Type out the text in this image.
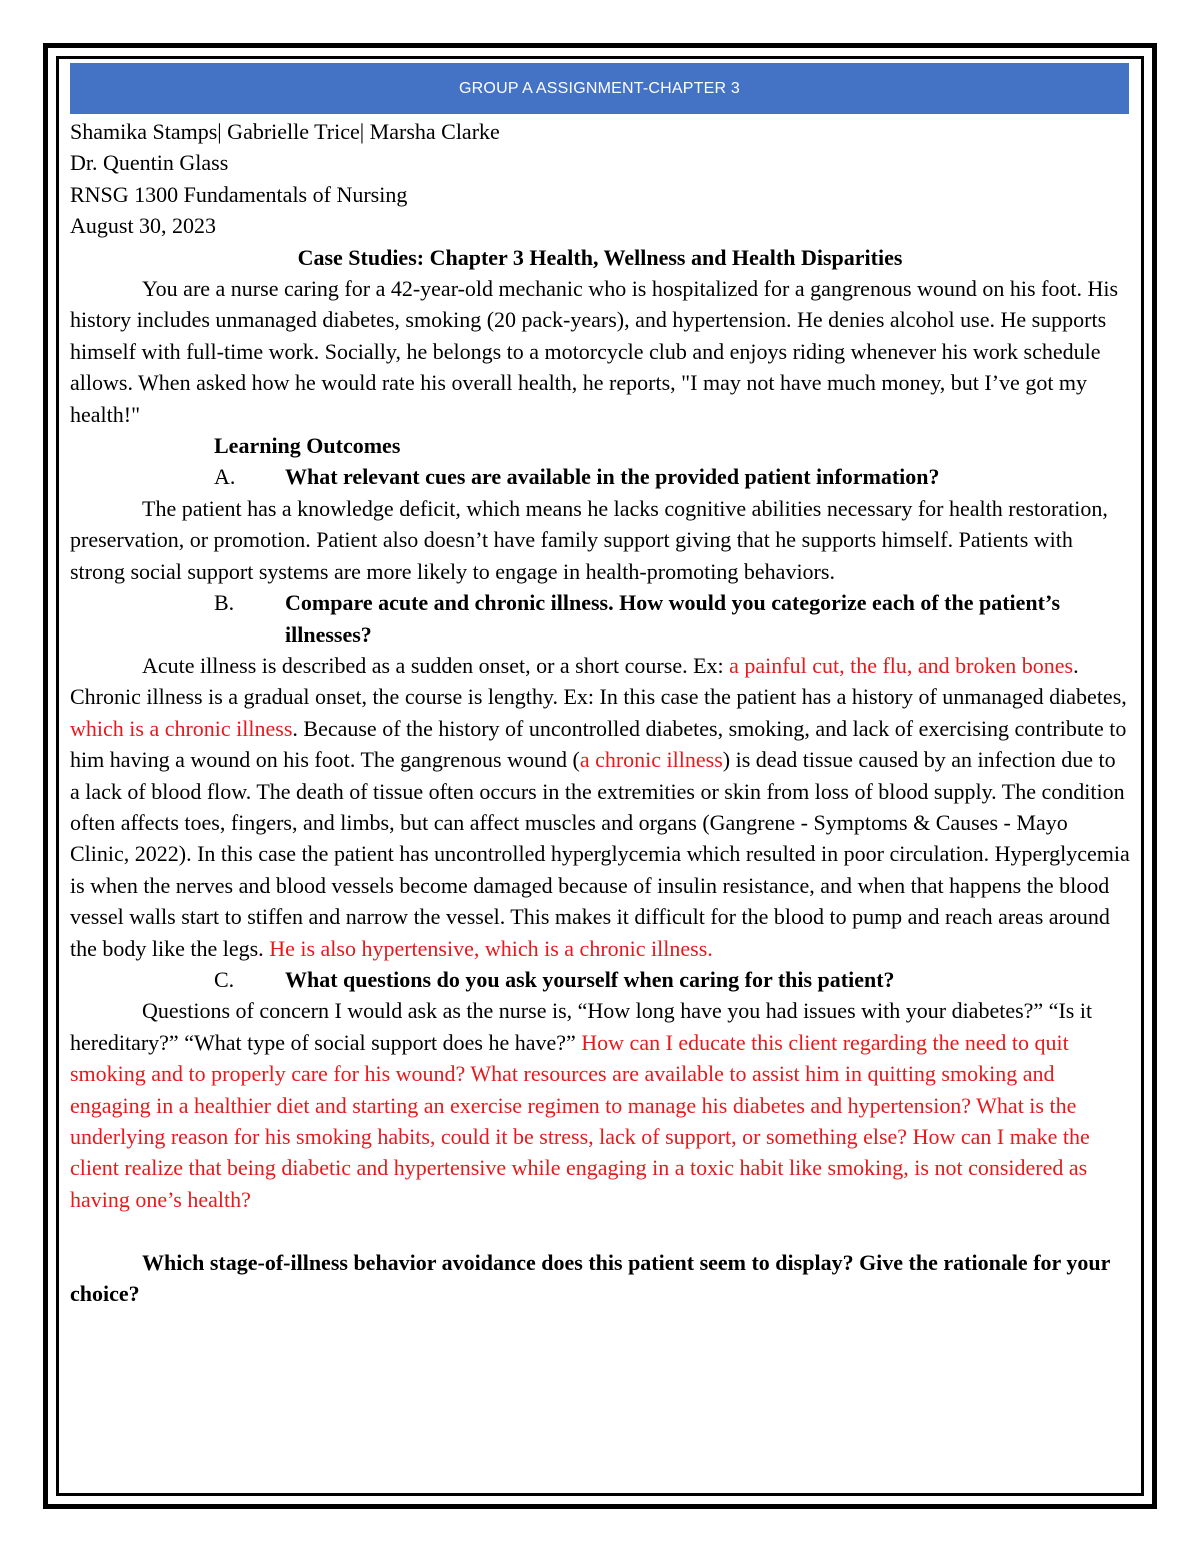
GROUP A ASSIGNMENT-CHAPTER 3

Shamika Stamps| Gabrielle Trice| Marsha Clarke

Dr. Quentin Glass

RNSG 1300 Fundamentals of Nursing

August 30, 2023

Case Studies: Chapter 3 Health, Wellness and Health Disparities

You are a nurse caring for a 42-year-old mechanic who is hospitalized for a gangrenous wound on his foot. His history includes unmanaged diabetes, smoking (20 pack-years), and hypertension. He denies alcohol use. He supports himself with full-time work. Socially, he belongs to a motorcycle club and enjoys riding whenever his work schedule allows. When asked how he would rate his overall health, he reports, "I may not have much money, but I’ve got my health!"

Learning Outcomes

A.	What relevant cues are available in the provided patient information?

The patient has a knowledge deficit, which means he lacks cognitive abilities necessary for health restoration, preservation, or promotion. Patient also doesn’t have family support giving that he supports himself. Patients with strong social support systems are more likely to engage in health-promoting behaviors.

B.	Compare acute and chronic illness. How would you categorize each of the patient’s illnesses?

Acute illness is described as a sudden onset, or a short course. Ex: a painful cut, the flu, and broken bones. Chronic illness is a gradual onset, the course is lengthy. Ex: In this case the patient has a history of unmanaged diabetes, which is a chronic illness. Because of the history of uncontrolled diabetes, smoking, and lack of exercising contribute to him having a wound on his foot. The gangrenous wound (a chronic illness) is dead tissue caused by an infection due to a lack of blood flow. The death of tissue often occurs in the extremities or skin from loss of blood supply. The condition often affects toes, fingers, and limbs, but can affect muscles and organs (Gangrene - Symptoms & Causes - Mayo Clinic, 2022). In this case the patient has uncontrolled hyperglycemia which resulted in poor circulation. Hyperglycemia is when the nerves and blood vessels become damaged because of insulin resistance, and when that happens the blood vessel walls start to stiffen and narrow the vessel. This makes it difficult for the blood to pump and reach areas around the body like the legs. He is also hypertensive, which is a chronic illness.

C.	What questions do you ask yourself when caring for this patient?

Questions of concern I would ask as the nurse is, “How long have you had issues with your diabetes?” “Is it hereditary?” “What type of social support does he have?” How can I educate this client regarding the need to quit smoking and to properly care for his wound? What resources are available to assist him in quitting smoking and engaging in a healthier diet and starting an exercise regimen to manage his diabetes and hypertension? What is the underlying reason for his smoking habits, could it be stress, lack of support, or something else? How can I make the client realize that being diabetic and hypertensive while engaging in a toxic habit like smoking, is not considered as having one’s health?

Which stage-of-illness behavior avoidance does this patient seem to display? Give the rationale for your choice?
